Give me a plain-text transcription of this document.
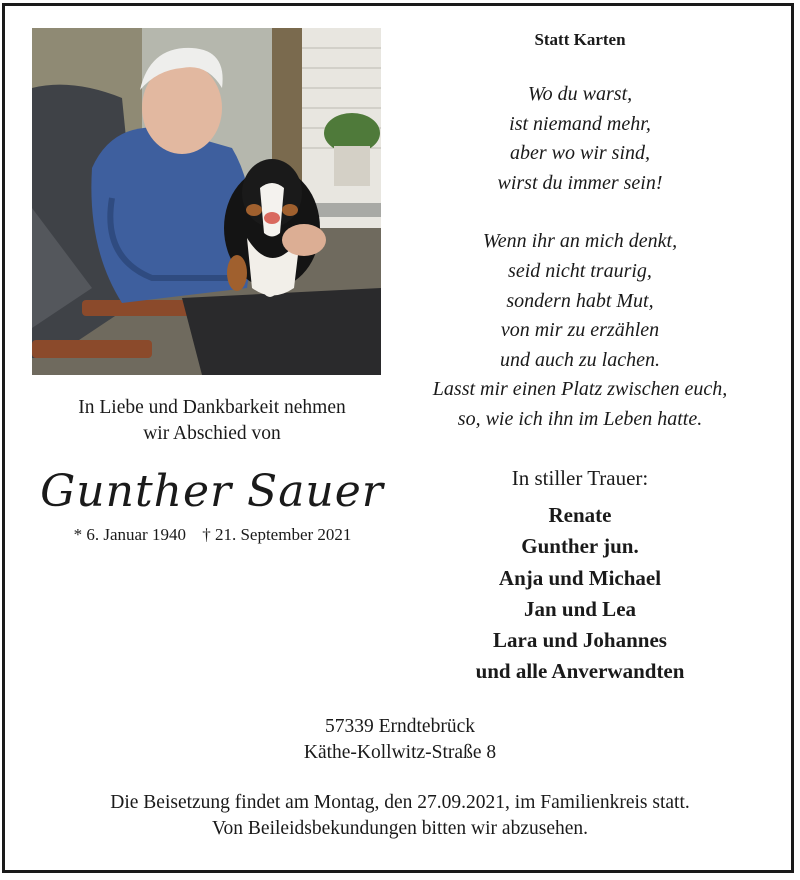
Statt Karten
Wo du warst,
ist niemand mehr,
aber wo wir sind,
wirst du immer sein!
Wenn ihr an mich denkt,
seid nicht traurig,
sondern habt Mut,
von mir zu erzählen
und auch zu lachen.
Lasst mir einen Platz zwischen euch,
so, wie ich ihn im Leben hatte.
In Liebe und Dankbarkeit nehmen
wir Abschied von
Gunther Sauer
* 6. Januar 1940 † 21. September 2021
In stiller Trauer:
Renate
Gunther jun.
Anja und Michael
Jan und Lea
Lara und Johannes
und alle Anverwandten
57339 Erndtebrück
Käthe-Kollwitz-Straße 8
Die Beisetzung findet am Montag, den 27.09.2021, im Familienkreis statt.
Von Beileidsbekundungen bitten wir abzusehen.
